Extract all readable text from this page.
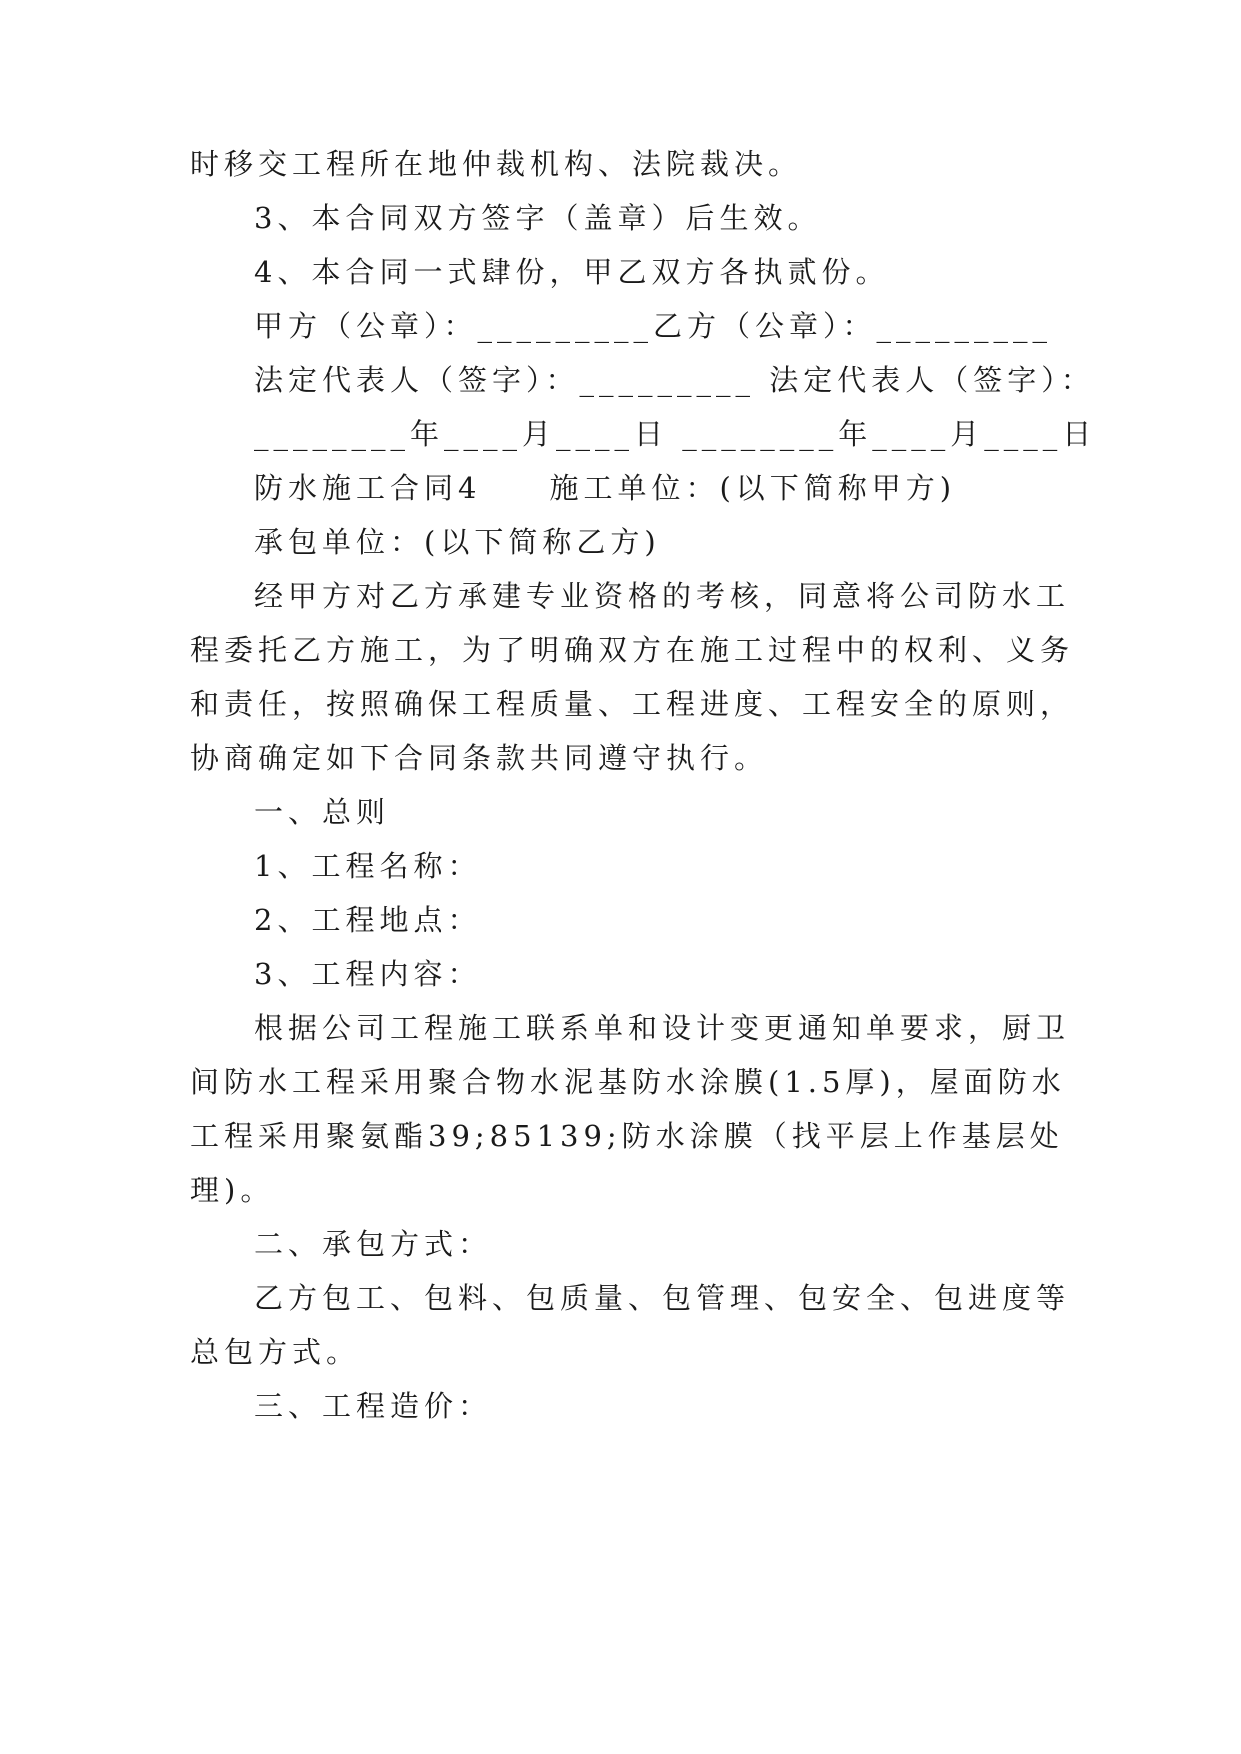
时移交工程所在地仲裁机构、法院裁决。
3、本合同双方签字（盖章）后生效。
4、本合同一式肆份，甲乙双方各执贰份。
甲方（公章）：_________乙方（公章）：_________
法定代表人（签字）：_________ 法定代表人（签字）：
________年____月____日 ________年____月____日
防水施工合同4　　施工单位：(以下简称甲方)
承包单位：(以下简称乙方)
经甲方对乙方承建专业资格的考核，同意将公司防水工
程委托乙方施工，为了明确双方在施工过程中的权利、义务
和责任，按照确保工程质量、工程进度、工程安全的原则，
协商确定如下合同条款共同遵守执行。
一、总则
1、工程名称：
2、工程地点：
3、工程内容：
根据公司工程施工联系单和设计变更通知单要求，厨卫
间防水工程采用聚合物水泥基防水涂膜(1.5厚)，屋面防水
工程采用聚氨酯39;85139;防水涂膜（找平层上作基层处
理)。
二、承包方式：
乙方包工、包料、包质量、包管理、包安全、包进度等
总包方式。
三、工程造价：
